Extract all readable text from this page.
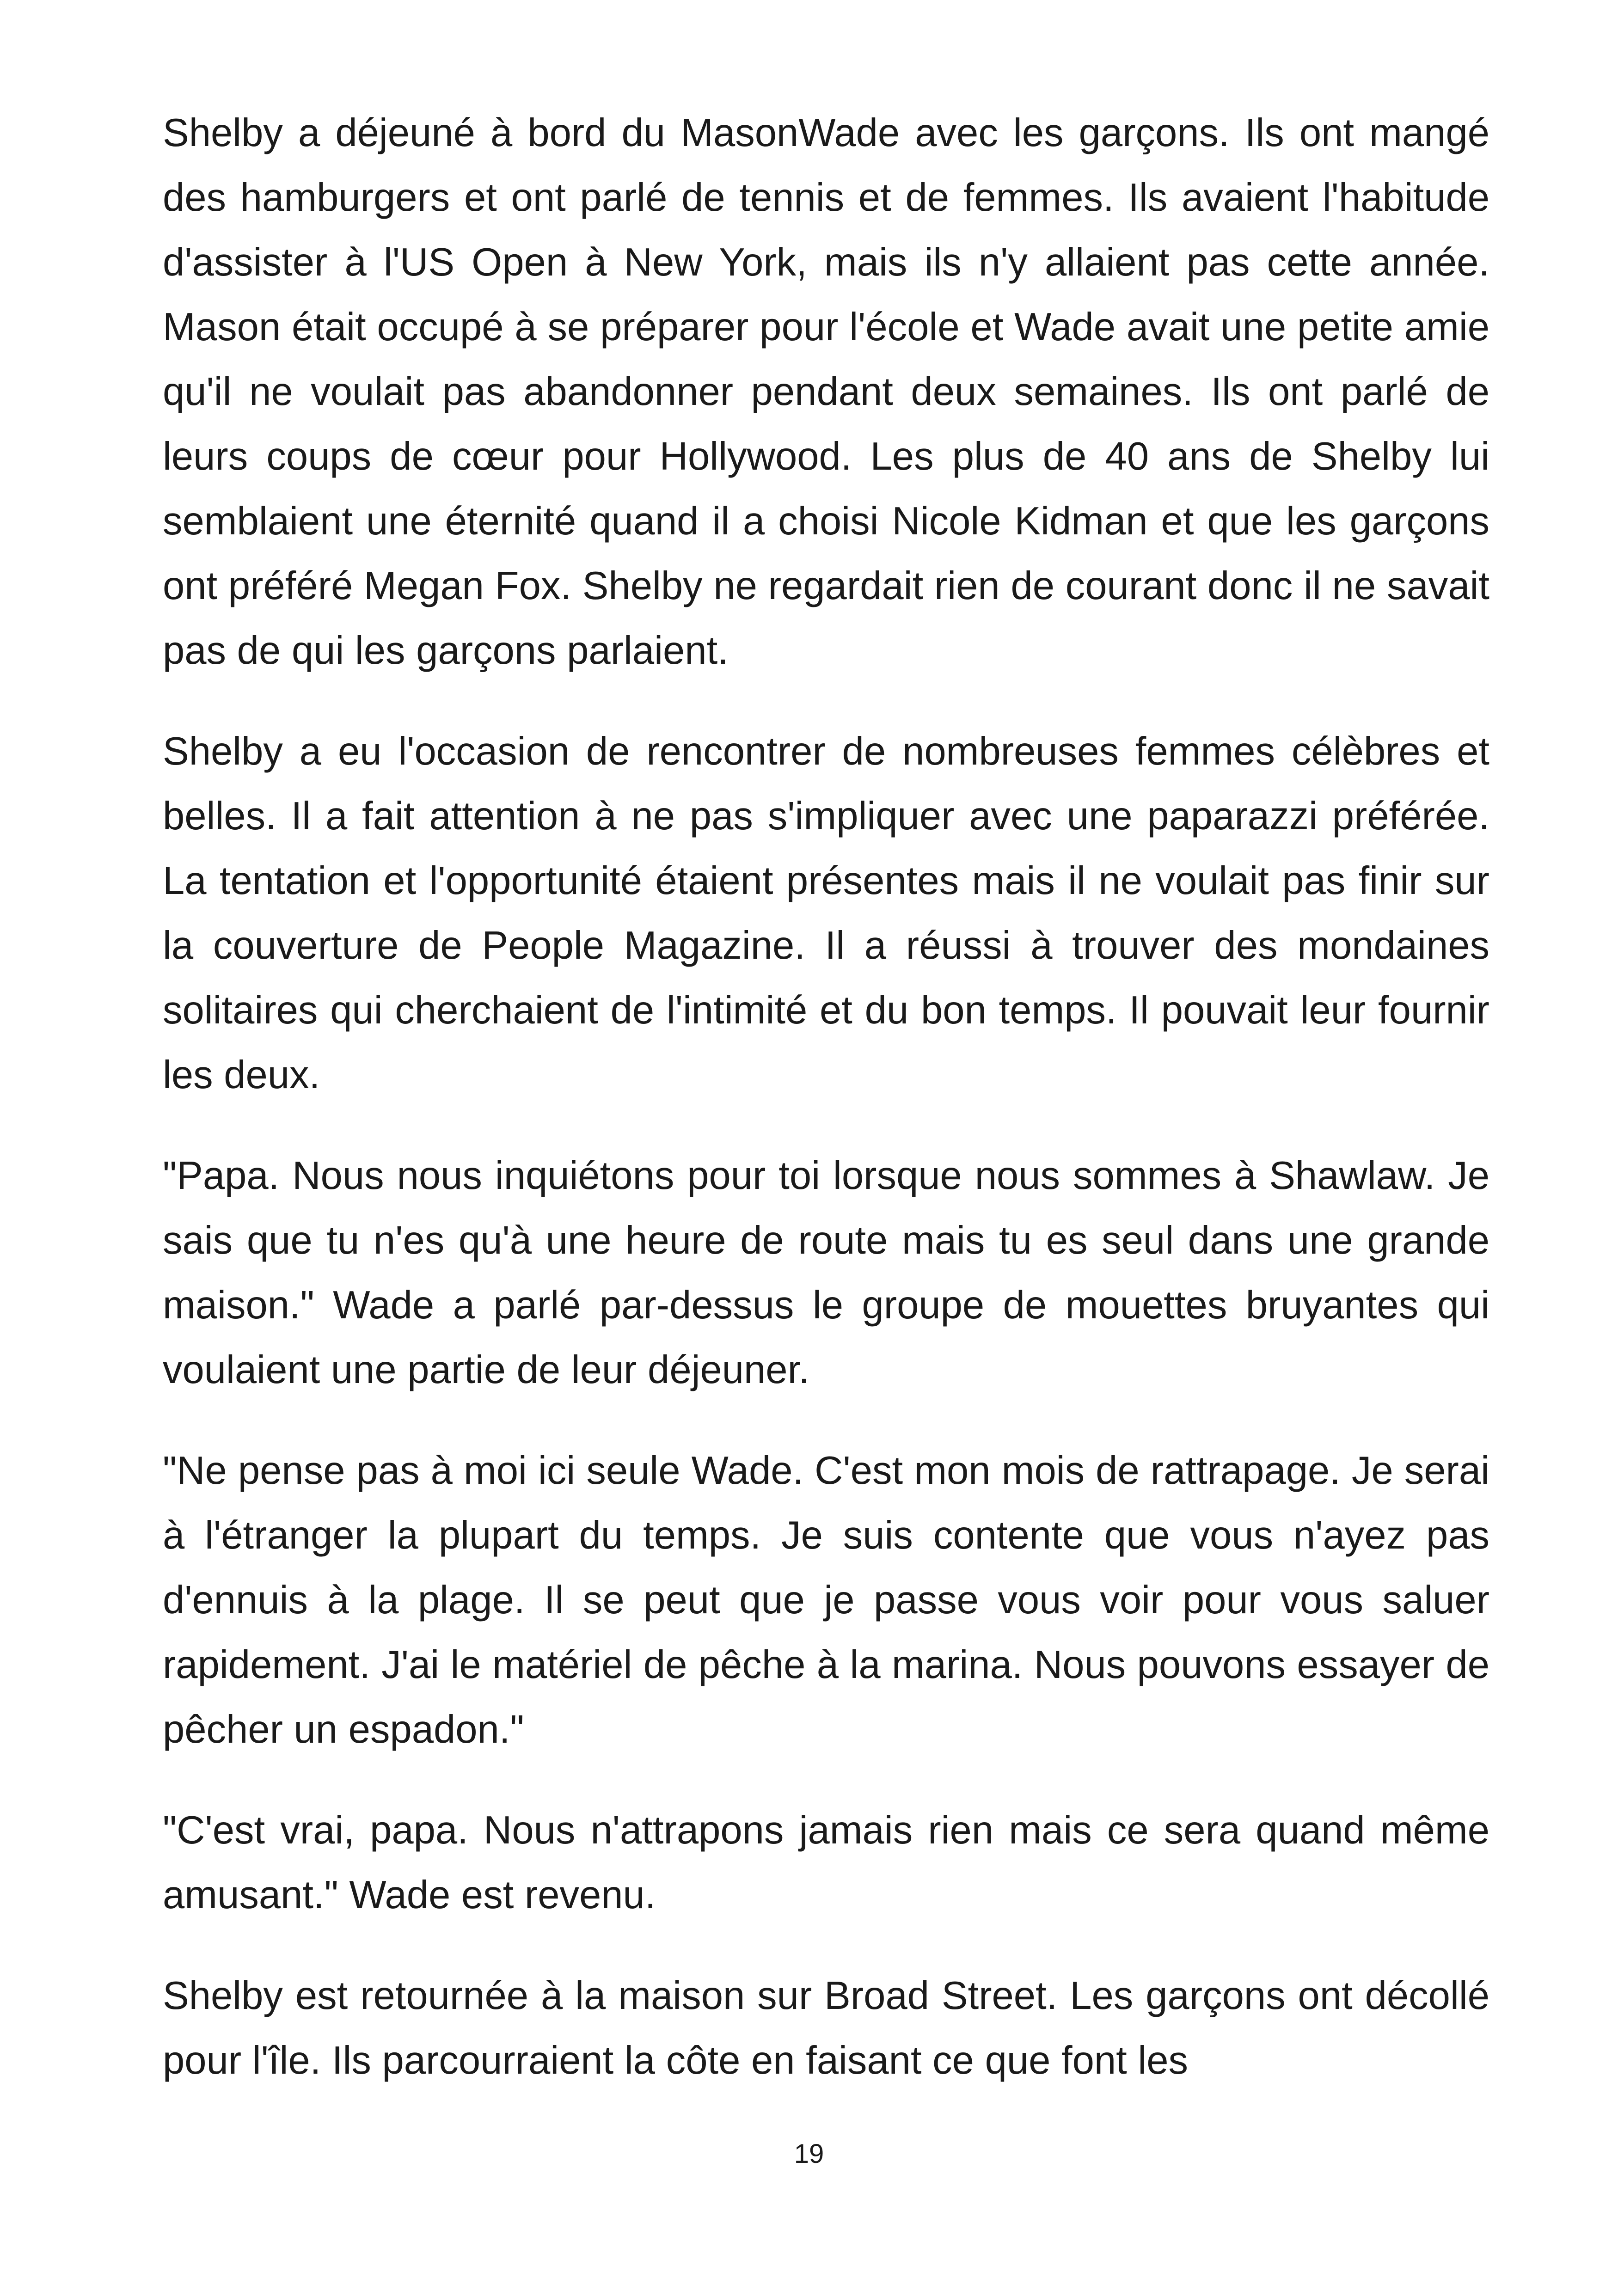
Shelby a déjeuné à bord du MasonWade avec les garçons. Ils ont mangé des hamburgers et ont parlé de tennis et de femmes. Ils avaient l'habitude d'assister à l'US Open à New York, mais ils n'y allaient pas cette année. Mason était occupé à se préparer pour l'école et Wade avait une petite amie qu'il ne voulait pas abandonner pendant deux semaines. Ils ont parlé de leurs coups de cœur pour Hollywood. Les plus de 40 ans de Shelby lui semblaient une éternité quand il a choisi Nicole Kidman et que les garçons ont préféré Megan Fox. Shelby ne regardait rien de courant donc il ne savait pas de qui les garçons parlaient.

Shelby a eu l'occasion de rencontrer de nombreuses femmes célèbres et belles. Il a fait attention à ne pas s'impliquer avec une paparazzi préférée. La tentation et l'opportunité étaient présentes mais il ne voulait pas finir sur la couverture de People Magazine. Il a réussi à trouver des mondaines solitaires qui cherchaient de l'intimité et du bon temps. Il pouvait leur fournir les deux.

"Papa. Nous nous inquiétons pour toi lorsque nous sommes à Shawlaw. Je sais que tu n'es qu'à une heure de route mais tu es seul dans une grande maison." Wade a parlé par-dessus le groupe de mouettes bruyantes qui voulaient une partie de leur déjeuner.

"Ne pense pas à moi ici seule Wade. C'est mon mois de rattrapage. Je serai à l'étranger la plupart du temps. Je suis contente que vous n'ayez pas d'ennuis à la plage. Il se peut que je passe vous voir pour vous saluer rapidement. J'ai le matériel de pêche à la marina. Nous pouvons essayer de pêcher un espadon."

"C'est vrai, papa. Nous n'attrapons jamais rien mais ce sera quand même amusant." Wade est revenu.

Shelby est retournée à la maison sur Broad Street. Les garçons ont décollé pour l'île. Ils parcourraient la côte en faisant ce que font les

19
